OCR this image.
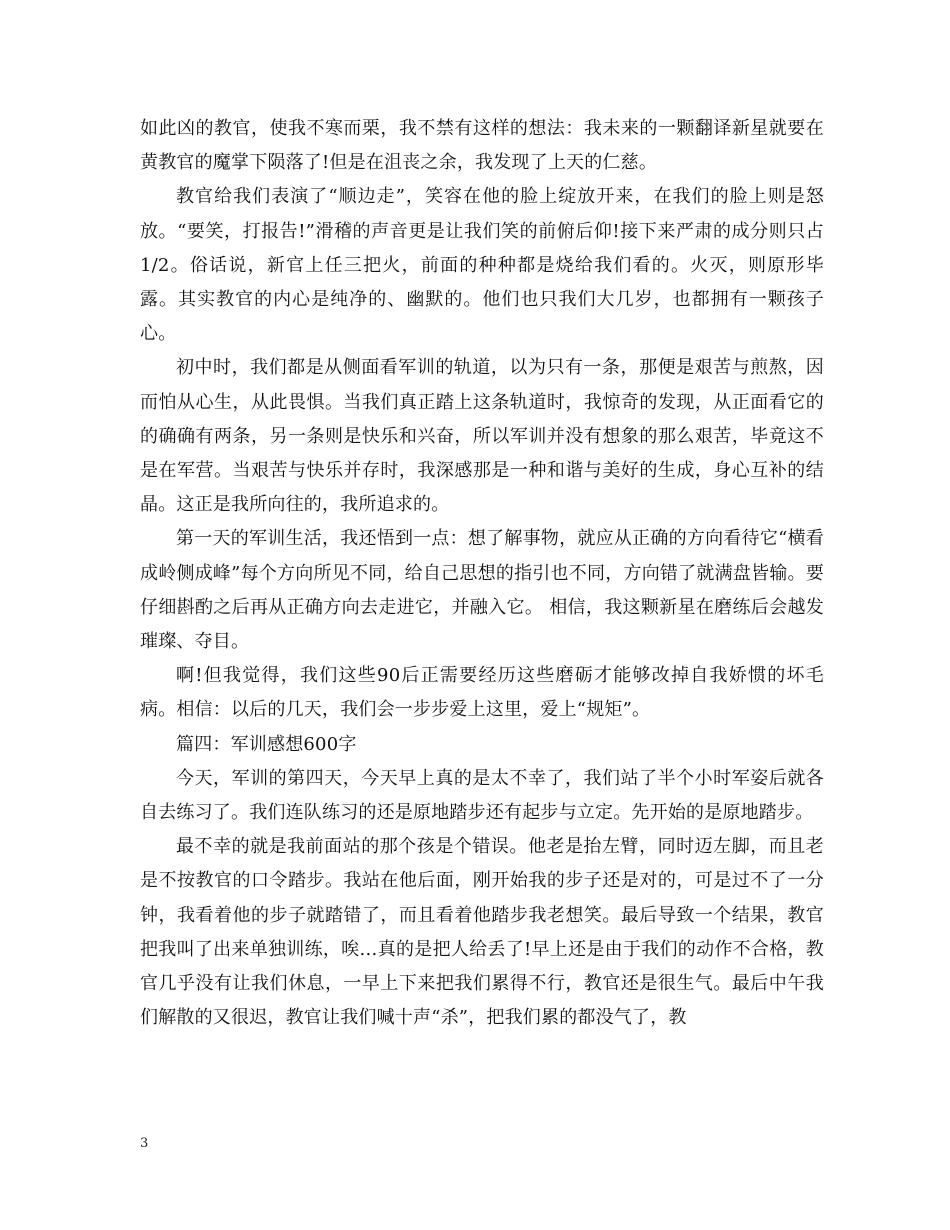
如此凶的教官，使我不寒而栗，我不禁有这样的想法：我未来的一颗翻译新星就要在黄教官的魔掌下陨落了!但是在沮丧之余，我发现了上天的仁慈。

教官给我们表演了“顺边走”，笑容在他的脸上绽放开来，在我们的脸上则是怒放。“要笑，打报告!”滑稽的声音更是让我们笑的前俯后仰!接下来严肃的成分则只占1/2。俗话说，新官上任三把火，前面的种种都是烧给我们看的。火灭，则原形毕露。其实教官的内心是纯净的、幽默的。他们也只我们大几岁，也都拥有一颗孩子心。

初中时，我们都是从侧面看军训的轨道，以为只有一条，那便是艰苦与煎熬，因而怕从心生，从此畏惧。当我们真正踏上这条轨道时，我惊奇的发现，从正面看它的的确确有两条，另一条则是快乐和兴奋，所以军训并没有想象的那么艰苦，毕竟这不是在军营。当艰苦与快乐并存时，我深感那是一种和谐与美好的生成，身心互补的结晶。这正是我所向往的，我所追求的。

第一天的军训生活，我还悟到一点：想了解事物，就应从正确的方向看待它“横看成岭侧成峰”每个方向所见不同，给自己思想的指引也不同，方向错了就满盘皆输。要仔细斟酌之后再从正确方向去走进它，并融入它。 相信，我这颗新星在磨练后会越发璀璨、夺目。

啊!但我觉得，我们这些90后正需要经历这些磨砺才能够改掉自我娇惯的坏毛病。相信：以后的几天，我们会一步步爱上这里，爱上“规矩”。

篇四：军训感想600字

今天，军训的第四天，今天早上真的是太不幸了，我们站了半个小时军姿后就各自去练习了。我们连队练习的还是原地踏步还有起步与立定。先开始的是原地踏步。

最不幸的就是我前面站的那个孩是个错误。他老是抬左臂，同时迈左脚，而且老是不按教官的口令踏步。我站在他后面，刚开始我的步子还是对的，可是过不了一分钟，我看着他的步子就踏错了，而且看着他踏步我老想笑。最后导致一个结果，教官把我叫了出来单独训练，唉…真的是把人给丢了!早上还是由于我们的动作不合格，教官几乎没有让我们休息，一早上下来把我们累得不行，教官还是很生气。最后中午我们解散的又很迟，教官让我们喊十声“杀”，把我们累的都没气了，教

3
